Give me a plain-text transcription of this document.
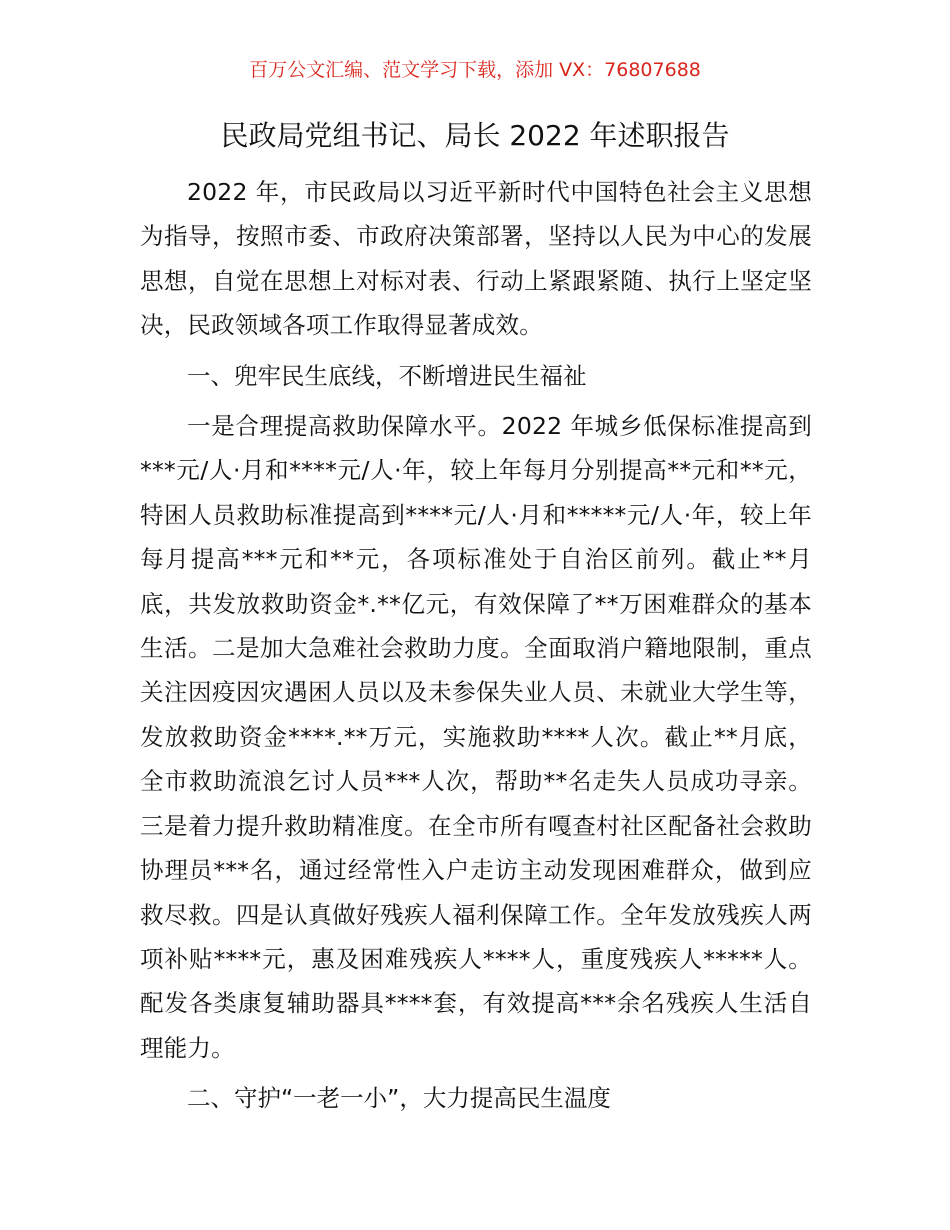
百万公文汇编、范文学习下载，添加 VX：76807688
民政局党组书记、局长 2022 年述职报告

2022 年，市民政局以习近平新时代中国特色社会主义思想为指导，按照市委、市政府决策部署，坚持以人民为中心的发展思想，自觉在思想上对标对表、行动上紧跟紧随、执行上坚定坚决，民政领域各项工作取得显著成效。

一、兜牢民生底线，不断增进民生福祉

一是合理提高救助保障水平。2022 年城乡低保标准提高到***元/人·月和****元/人·年，较上年每月分别提高**元和**元，特困人员救助标准提高到****元/人·月和*****元/人·年，较上年每月提高***元和**元，各项标准处于自治区前列。截止**月底，共发放救助资金*.**亿元，有效保障了**万困难群众的基本生活。二是加大急难社会救助力度。全面取消户籍地限制，重点关注因疫因灾遇困人员以及未参保失业人员、未就业大学生等，发放救助资金****.**万元，实施救助****人次。截止**月底，全市救助流浪乞讨人员***人次，帮助**名走失人员成功寻亲。三是着力提升救助精准度。在全市所有嘎查村社区配备社会救助协理员***名，通过经常性入户走访主动发现困难群众，做到应救尽救。四是认真做好残疾人福利保障工作。全年发放残疾人两项补贴****元，惠及困难残疾人****人，重度残疾人*****人。配发各类康复辅助器具****套，有效提高***余名残疾人生活自理能力。

二、守护“一老一小”，大力提高民生温度
